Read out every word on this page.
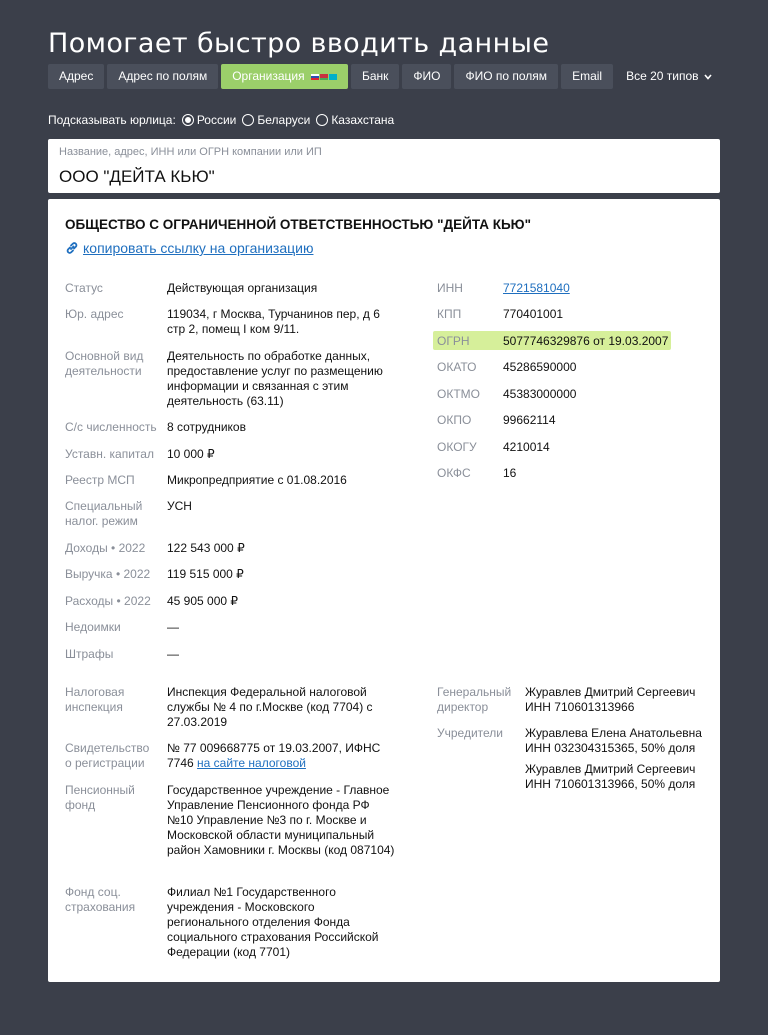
Помогает быстро вводить данные
Адрес	Адрес по полям	Организация	Банк	ФИО	ФИО по полям	Email	Все 20 типов
Подсказывать юрлица: России Беларуси Казахстана
Название, адрес, ИНН или ОГРН компании или ИП
ООО "ДЕЙТА КЬЮ"
ОБЩЕСТВО С ОГРАНИЧЕННОЙ ОТВЕТСТВЕННОСТЬЮ "ДЕЙТА КЬЮ"
копировать ссылку на организацию
Статус	Действующая организация
Юр. адрес	119034, г Москва, Турчанинов пер, д 6 стр 2, помещ I ком 9/11.
Основной вид деятельности
Деятельность по обработке данных, предоставление услуг по размещению информации и связанная с этим деятельность (63.11)
С/с численность 8 сотрудников
Уставн. капитал	10 000 ₽
Реестр МСП	Микропредприятие с 01.08.2016
Специальный налог. режим
УСН
Доходы • 2022	122 543 000 ₽
Выручка • 2022	119 515 000 ₽
Расходы • 2022	45 905 000 ₽
Недоимки	—
Штрафы	—
ИНН	7721581040
КПП	770401001
ОГРН	5077746329876 от 19.03.2007
ОКАТО	45286590000
ОКТМО	45383000000
ОКПО	99662114
ОКОГУ	4210014
ОКФС	16
Налоговая инспекция
Инспекция Федеральной налоговой службы № 4 по г.Москве (код 7704) с 27.03.2019
Свидетельство о регистрации
№ 77 009668775 от 19.03.2007, ИФНС 7746 на сайте налоговой
Пенсионный фонд
Государственное учреждение - Главное Управление Пенсионного фонда РФ №10 Управление №3 по г. Москве и Московской области муниципальный район Хамовники г. Москвы (код 087104)
Фонд соц. страхования
Филиал №1 Государственного учреждения - Московского регионального отделения Фонда социального страхования Российской Федерации (код 7701)
Генеральный директор
Журавлев Дмитрий Сергеевич ИНН 710601313966
Учредители	Журавлева Елена Анатольевна ИНН 032304315365, 50% доля
Журавлев Дмитрий Сергеевич ИНН 710601313966, 50% доля
